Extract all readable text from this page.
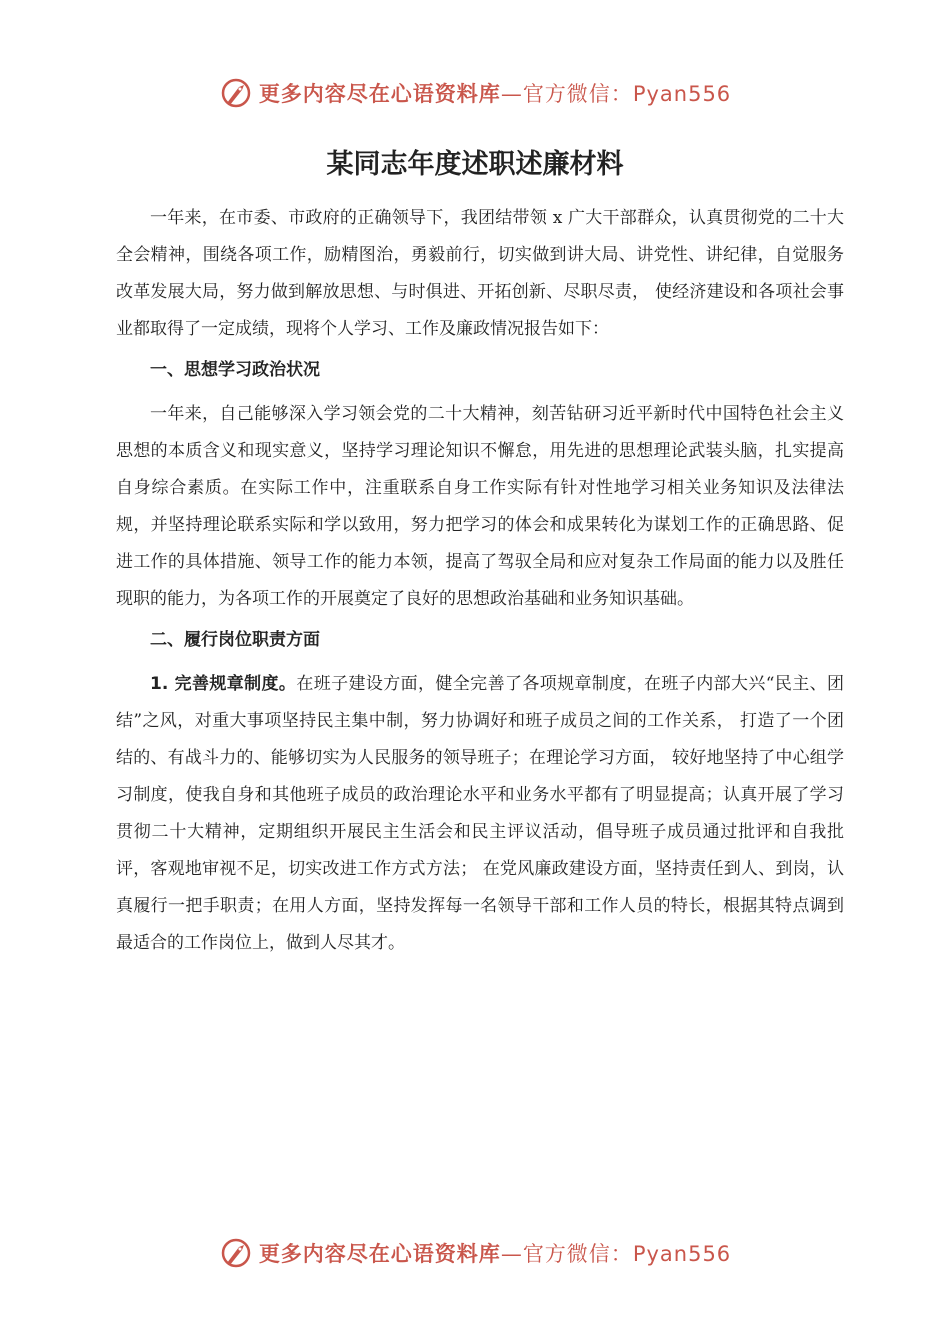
更多内容尽在心语资料库—官方微信：Pyan556
某同志年度述职述廉材料

一年来，在市委、市政府的正确领导下，我团结带领 x 广大干部群众，认真贯彻党的二十大全会精神，围绕各项工作，励精图治，勇毅前行，切实做到讲大局、讲党性、讲纪律，自觉服务改革发展大局，努力做到解放思想、与时俱进、开拓创新、尽职尽责， 使经济建设和各项社会事业都取得了一定成绩，现将个人学习、工作及廉政情况报告如下：

一、思想学习政治状况

一年来，自己能够深入学习领会党的二十大精神，刻苦钻研习近平新时代中国特色社会主义思想的本质含义和现实意义，坚持学习理论知识不懈怠，用先进的思想理论武装头脑，扎实提高自身综合素质。在实际工作中，注重联系自身工作实际有针对性地学习相关业务知识及法律法规，并坚持理论联系实际和学以致用，努力把学习的体会和成果转化为谋划工作的正确思路、促进工作的具体措施、领导工作的能力本领，提高了驾驭全局和应对复杂工作局面的能力以及胜任现职的能力，为各项工作的开展奠定了良好的思想政治基础和业务知识基础。

二、履行岗位职责方面

1. 完善规章制度。在班子建设方面，健全完善了各项规章制度，在班子内部大兴“民主、团结”之风，对重大事项坚持民主集中制，努力协调好和班子成员之间的工作关系， 打造了一个团结的、有战斗力的、能够切实为人民服务的领导班子；在理论学习方面， 较好地坚持了中心组学习制度，使我自身和其他班子成员的政治理论水平和业务水平都有了明显提高；认真开展了学习贯彻二十大精神，定期组织开展民主生活会和民主评议活动，倡导班子成员通过批评和自我批评，客观地审视不足，切实改进工作方式方法； 在党风廉政建设方面，坚持责任到人、到岗，认真履行一把手职责；在用人方面，坚持发挥每一名领导干部和工作人员的特长，根据其特点调到最适合的工作岗位上，做到人尽其才。

更多内容尽在心语资料库—官方微信：Pyan556
